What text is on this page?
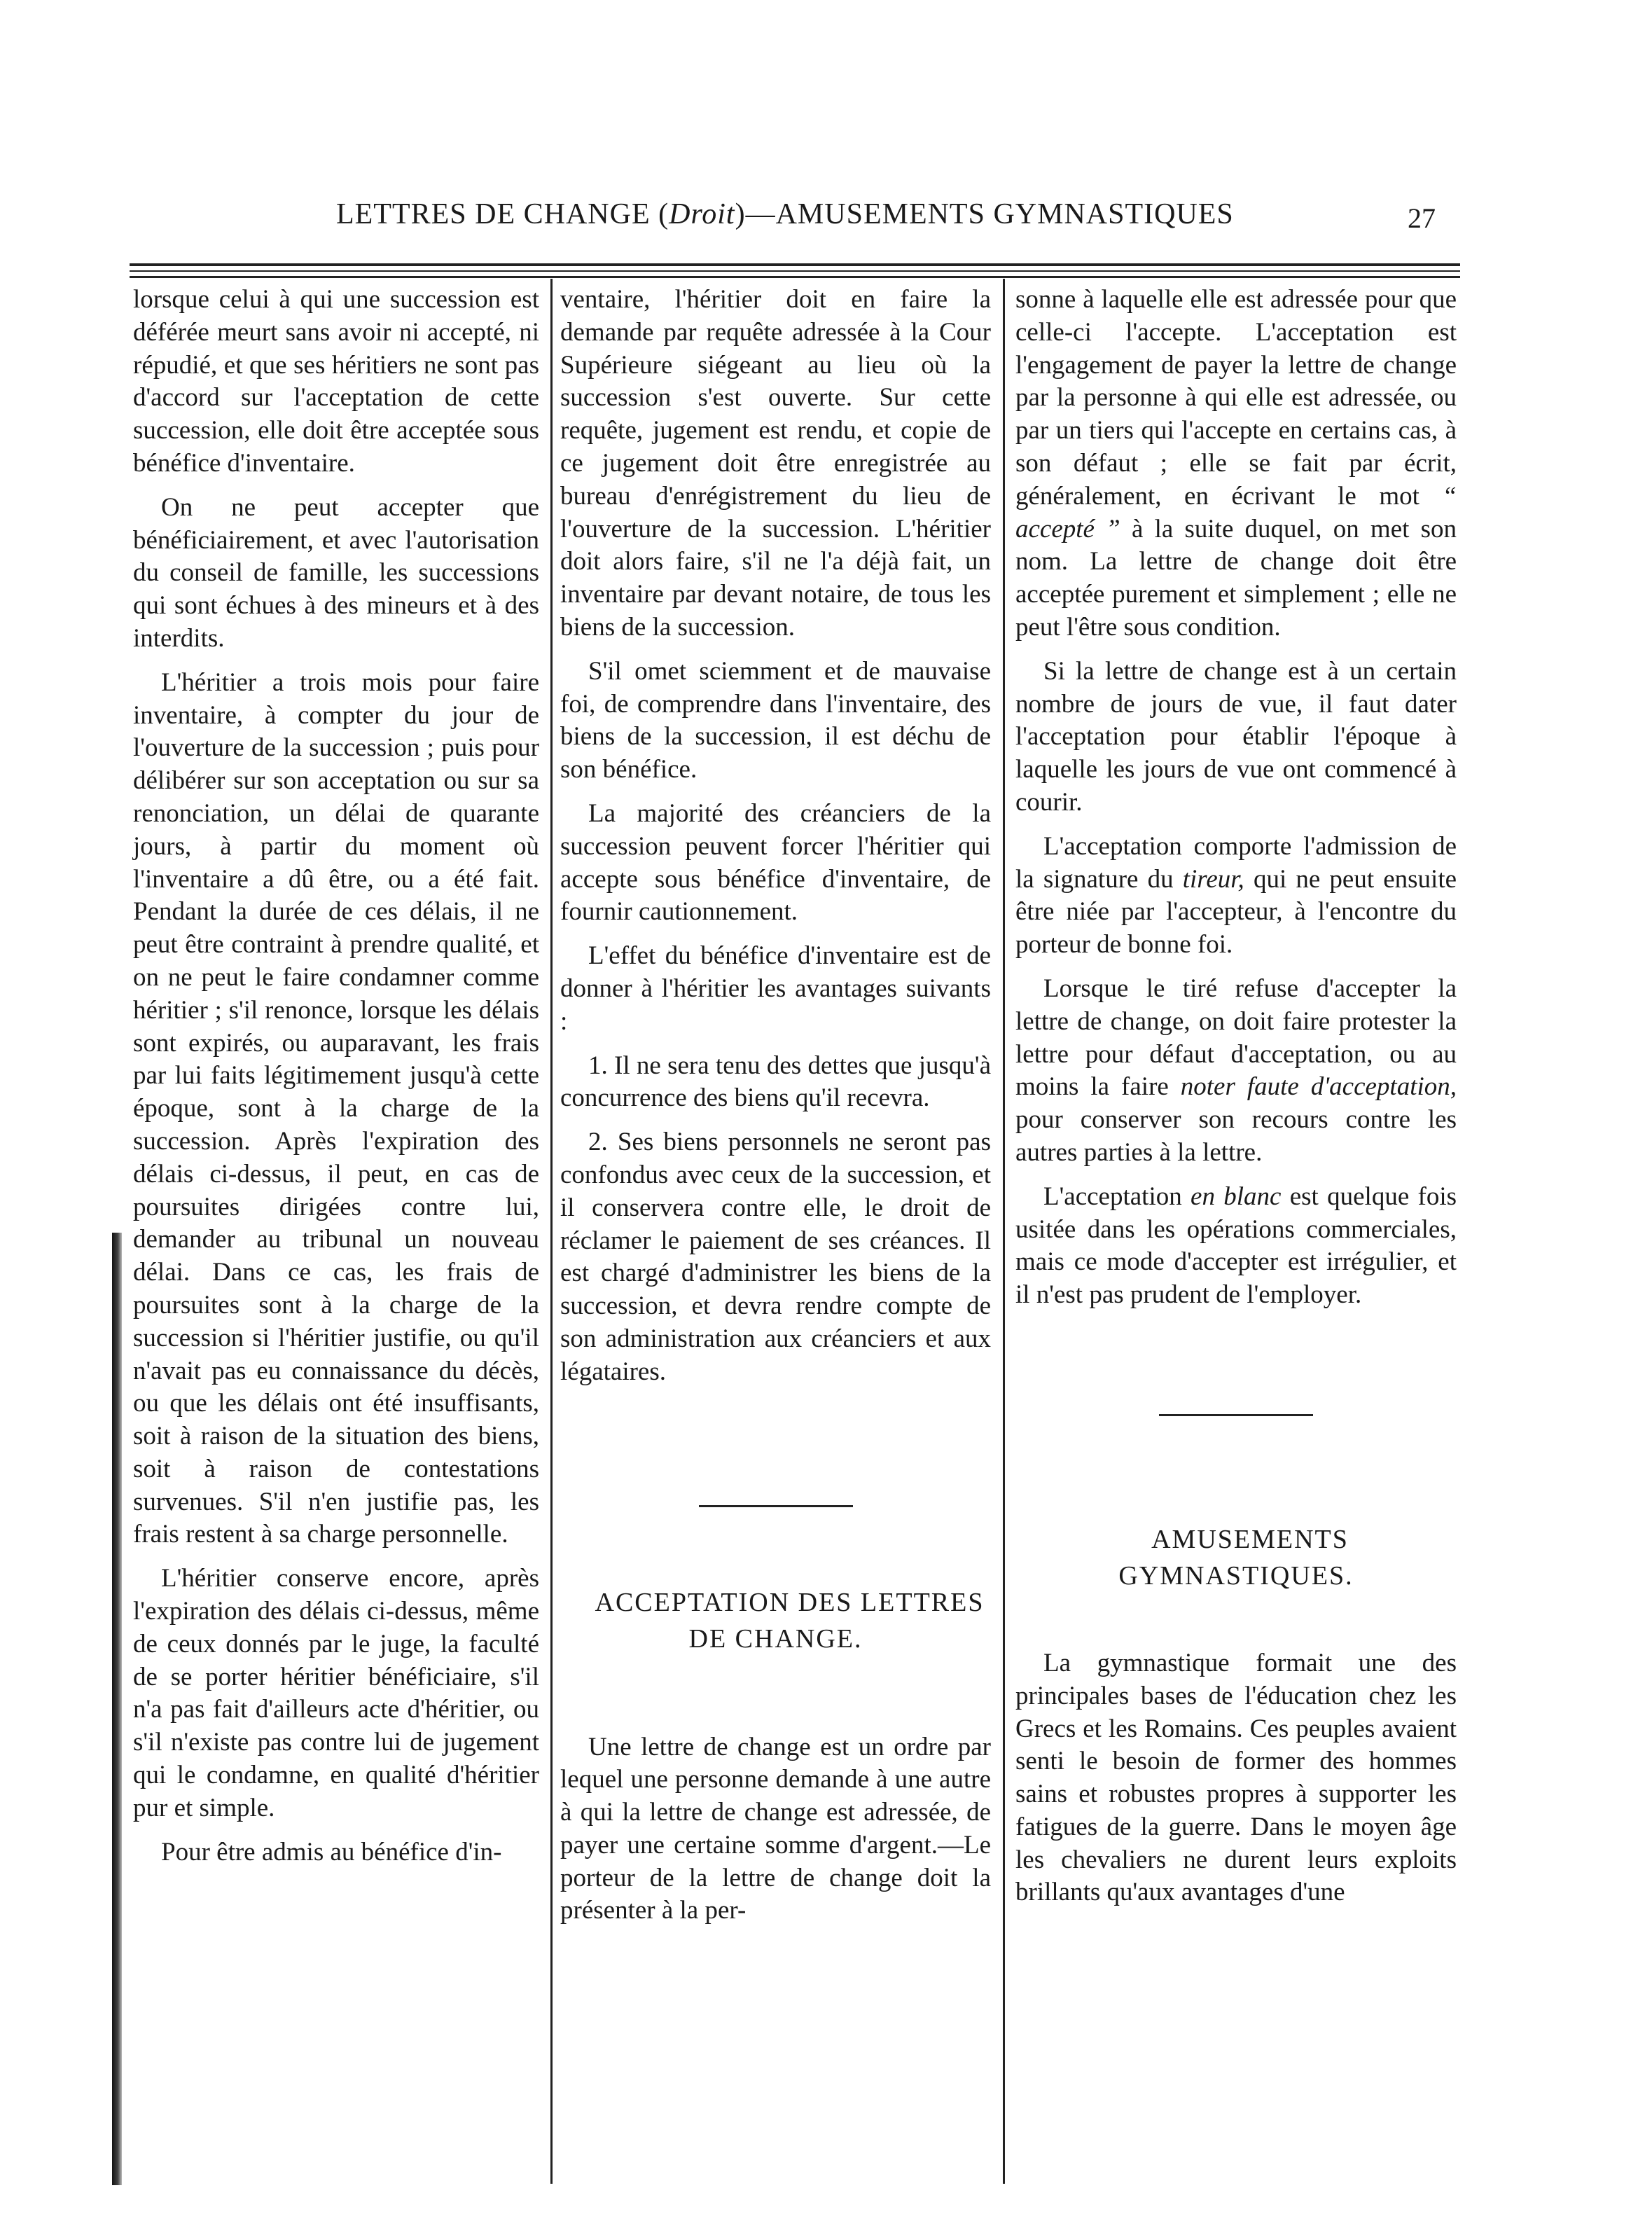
LETTRES DE CHANGE (Droit)—AMUSEMENTS GYMNASTIQUES	27

lorsque celui à qui une succession est déférée meurt sans avoir ni accepté, ni répudié, et que ses héritiers ne sont pas d'accord sur l'acceptation de cette succession, elle doit être acceptée sous bénéfice d'inventaire.

On ne peut accepter que bénéficiairement, et avec l'autorisation du conseil de famille, les successions qui sont échues à des mineurs et à des interdits.

L'héritier a trois mois pour faire inventaire, à compter du jour de l'ouverture de la succession ; puis pour délibérer sur son acceptation ou sur sa renonciation, un délai de quarante jours, à partir du moment où l'inventaire a dû être, ou a été fait. Pendant la durée de ces délais, il ne peut être contraint à prendre qualité, et on ne peut le faire condamner comme héritier ; s'il renonce, lorsque les délais sont expirés, ou auparavant, les frais par lui faits légitimement jusqu'à cette époque, sont à la charge de la succession. Après l'expiration des délais ci-dessus, il peut, en cas de poursuites dirigées contre lui, demander au tribunal un nouveau délai. Dans ce cas, les frais de poursuites sont à la charge de la succession si l'héritier justifie, ou qu'il n'avait pas eu connaissance du décès, ou que les délais ont été insuffisants, soit à raison de la situation des biens, soit à raison de contestations survenues. S'il n'en justifie pas, les frais restent à sa charge personnelle.

L'héritier conserve encore, après l'expiration des délais ci-dessus, même de ceux donnés par le juge, la faculté de se porter héritier bénéficiaire, s'il n'a pas fait d'ailleurs acte d'héritier, ou s'il n'existe pas contre lui de jugement qui le condamne, en qualité d'héritier pur et simple.

Pour être admis au bénéfice d'in-

ventaire, l'héritier doit en faire la demande par requête adressée à la Cour Supérieure siégeant au lieu où la succession s'est ouverte. Sur cette requête, jugement est rendu, et copie de ce jugement doit être enregistrée au bureau d'enrégistrement du lieu de l'ouverture de la succession. L'héritier doit alors faire, s'il ne l'a déjà fait, un inventaire par devant notaire, de tous les biens de la succession.

S'il omet sciemment et de mauvaise foi, de comprendre dans l'inventaire, des biens de la succession, il est déchu de son bénéfice.

La majorité des créanciers de la succession peuvent forcer l'héritier qui accepte sous bénéfice d'inventaire, de fournir cautionnement.

L'effet du bénéfice d'inventaire est de donner à l'héritier les avantages suivants :

1. Il ne sera tenu des dettes que jusqu'à concurrence des biens qu'il recevra.

2. Ses biens personnels ne seront pas confondus avec ceux de la succession, et il conservera contre elle, le droit de réclamer le paiement de ses créances. Il est chargé d'administrer les biens de la succession, et devra rendre compte de son administration aux créanciers et aux légataires.

ACCEPTATION DES LETTRES DE CHANGE.

Une lettre de change est un ordre par lequel une personne demande à une autre à qui la lettre de change est adressée, de payer une certaine somme d'argent.—Le porteur de la lettre de change doit la présenter à la per-

sonne à laquelle elle est adressée pour que celle-ci l'accepte. L'acceptation est l'engagement de payer la lettre de change par la personne à qui elle est adressée, ou par un tiers qui l'accepte en certains cas, à son défaut ; elle se fait par écrit, généralement, en écrivant le mot “ accepté ” à la suite duquel, on met son nom. La lettre de change doit être acceptée purement et simplement ; elle ne peut l'être sous condition.

Si la lettre de change est à un certain nombre de jours de vue, il faut dater l'acceptation pour établir l'époque à laquelle les jours de vue ont commencé à courir.

L'acceptation comporte l'admission de la signature du tireur, qui ne peut ensuite être niée par l'accepteur, à l'encontre du porteur de bonne foi.

Lorsque le tiré refuse d'accepter la lettre de change, on doit faire protester la lettre pour défaut d'acceptation, ou au moins la faire noter faute d'acceptation, pour conserver son recours contre les autres parties à la lettre.

L'acceptation en blanc est quelque fois usitée dans les opérations commerciales, mais ce mode d'accepter est irrégulier, et il n'est pas prudent de l'employer.

AMUSEMENTS GYMNASTIQUES.

La gymnastique formait une des principales bases de l'éducation chez les Grecs et les Romains. Ces peuples avaient senti le besoin de former des hommes sains et robustes propres à supporter les fatigues de la guerre. Dans le moyen âge les chevaliers ne durent leurs exploits brillants qu'aux avantages d'une
